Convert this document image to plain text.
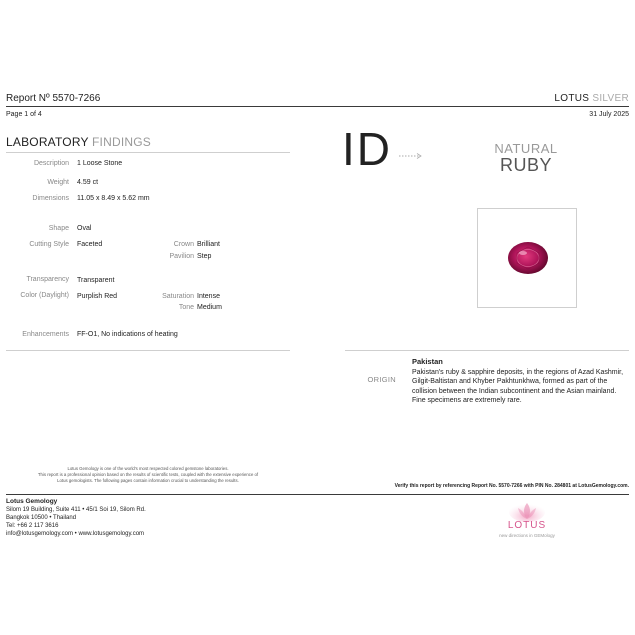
Report Nº 5570-7266	LOTUS SILVER
Page 1 of 4	31 July 2025
LABORATORY FINDINGS
Description 1 Loose Stone
Weight 4.59 ct
Dimensions 11.05 x 8.49 x 5.62 mm
Shape Oval
Cutting Style Faceted	Crown Brilliant
Pavilion Step
Transparency Transparent
Color (Daylight) Purplish Red	Saturation Intense
Tone Medium
Enhancements FF-O1, No indications of heating
ID	NATURAL
RUBY
ORIGIN
Pakistan
Pakistan's ruby & sapphire deposits, in the regions of Azad Kashmir, Gilgit-Baltistan and Khyber Pakhtunkhwa, formed as part of the collision between the Indian subcontinent and the Asian mainland. Fine specimens are extremely rare.
Lotus Gemology is one of the world's most respected colored gemstone laboratories.
This report is a professional opinion based on the results of scientific tests, coupled with the extensive experience of
Lotus gemologists. The following pages contain information crucial to understanding the results.
Verify this report by referencing Report No. 5570-7266 with PIN No. 284801 at LotusGemology.com.
Lotus Gemology
Silom 19 Building, Suite 411 • 45/1 Soi 19, Silom Rd.
Bangkok 10500 • Thailand
Tel: +66 2 117 3616
info@lotusgemology.com • www.lotusgemology.com
LOTUS
new directions in GEMology
